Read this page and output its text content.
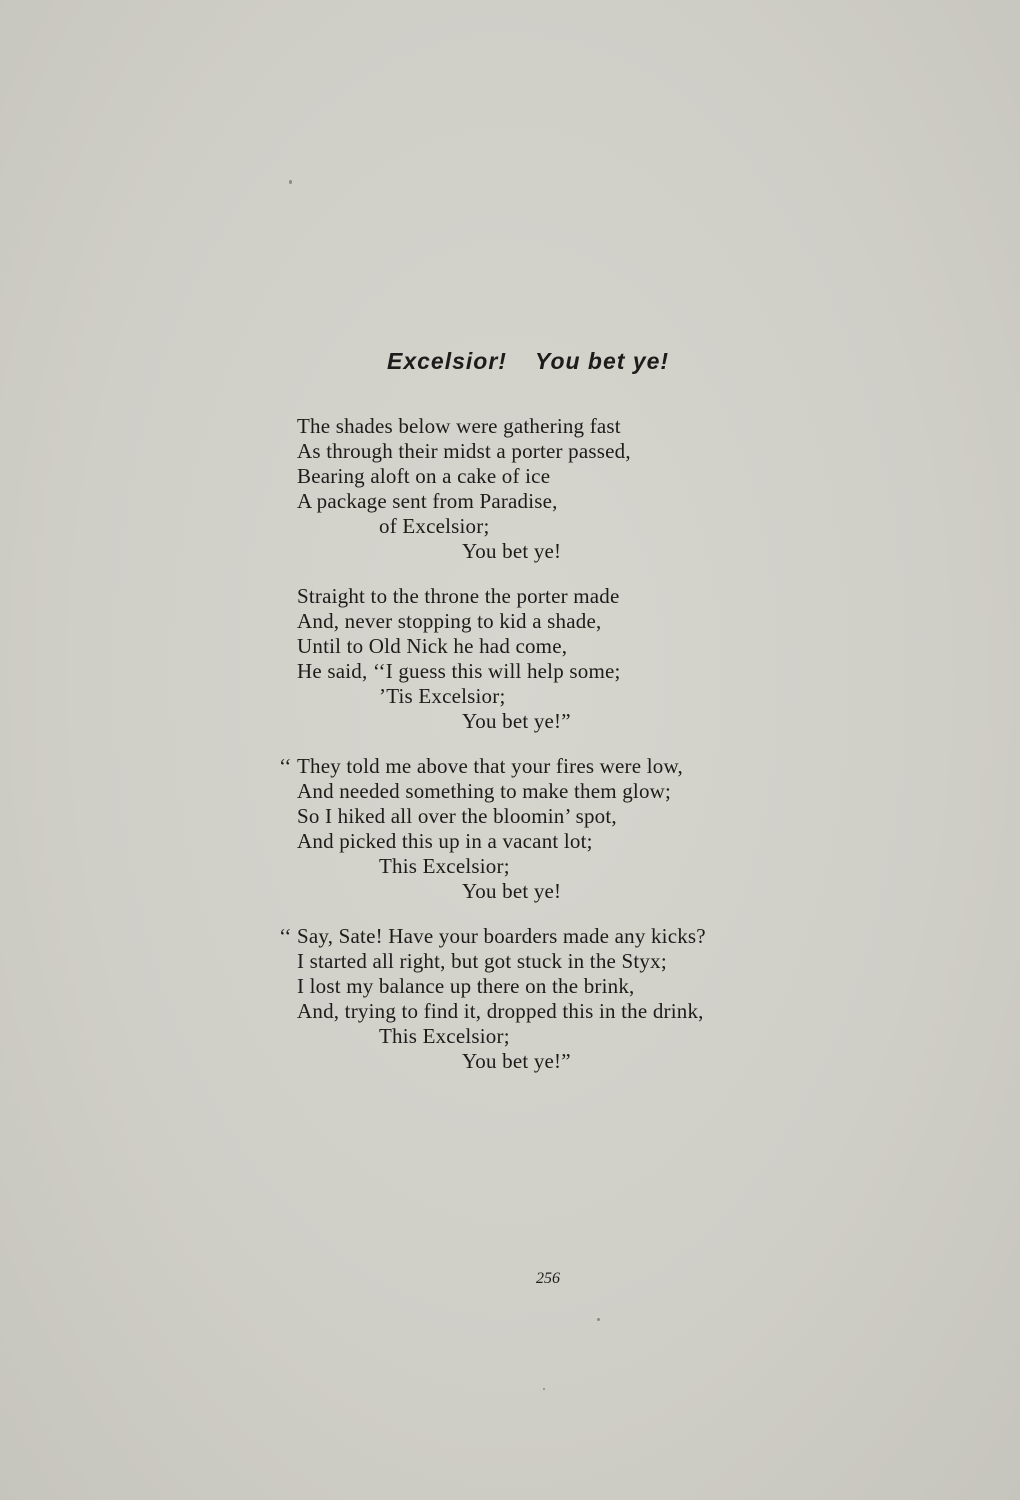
Excelsior! You bet ye!
The shades below were gathering fast
As through their midst a porter passed,
Bearing aloft on a cake of ice
A package sent from Paradise,
of Excelsior;
You bet ye!
Straight to the throne the porter made
And, never stopping to kid a shade,
Until to Old Nick he had come,
He said, ‘‘I guess this will help some;
’Tis Excelsior;
You bet ye!”
‘‘ They told me above that your fires were low,
And needed something to make them glow;
So I hiked all over the bloomin’ spot,
And picked this up in a vacant lot;
This Excelsior;
You bet ye!
‘‘ Say, Sate! Have your boarders made any kicks?
I started all right, but got stuck in the Styx;
I lost my balance up there on the brink,
And, trying to find it, dropped this in the drink,
This Excelsior;
You bet ye!”
256
